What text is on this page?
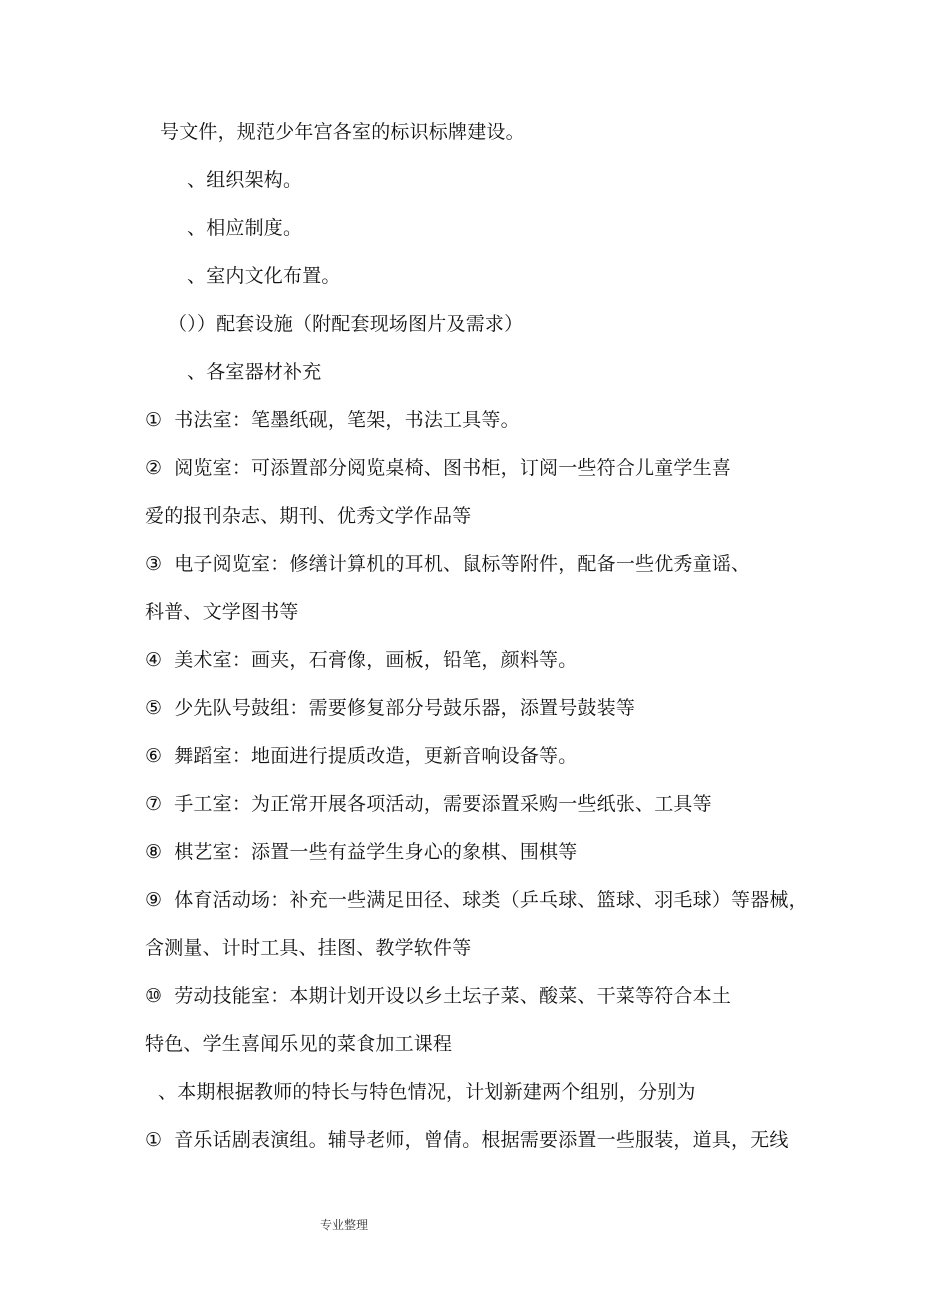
号文件，规范少年宫各室的标识标牌建设。
、组织架构。
、相应制度。
、室内文化布置。
（））配套设施（附配套现场图片及需求）
、各室器材补充
① 书法室：笔墨纸砚，笔架，书法工具等。
② 阅览室：可添置部分阅览桌椅、图书柜，订阅一些符合儿童学生喜
爱的报刊杂志、期刊、优秀文学作品等
③ 电子阅览室：修缮计算机的耳机、鼠标等附件，配备一些优秀童谣、
科普、文学图书等
④ 美术室：画夹，石膏像，画板，铅笔，颜料等。
⑤ 少先队号鼓组：需要修复部分号鼓乐器，添置号鼓装等
⑥ 舞蹈室：地面进行提质改造，更新音响设备等。
⑦ 手工室：为正常开展各项活动，需要添置采购一些纸张、工具等
⑧ 棋艺室：添置一些有益学生身心的象棋、围棋等
⑨ 体育活动场：补充一些满足田径、球类（乒乓球、篮球、羽毛球）等器械，
含测量、计时工具、挂图、教学软件等
⑩ 劳动技能室：本期计划开设以乡土坛子菜、酸菜、干菜等符合本土
特色、学生喜闻乐见的菜食加工课程
、本期根据教师的特长与特色情况，计划新建两个组别，分别为
① 音乐话剧表演组。辅导老师，曾倩。根据需要添置一些服装，道具，无线
专业整理
